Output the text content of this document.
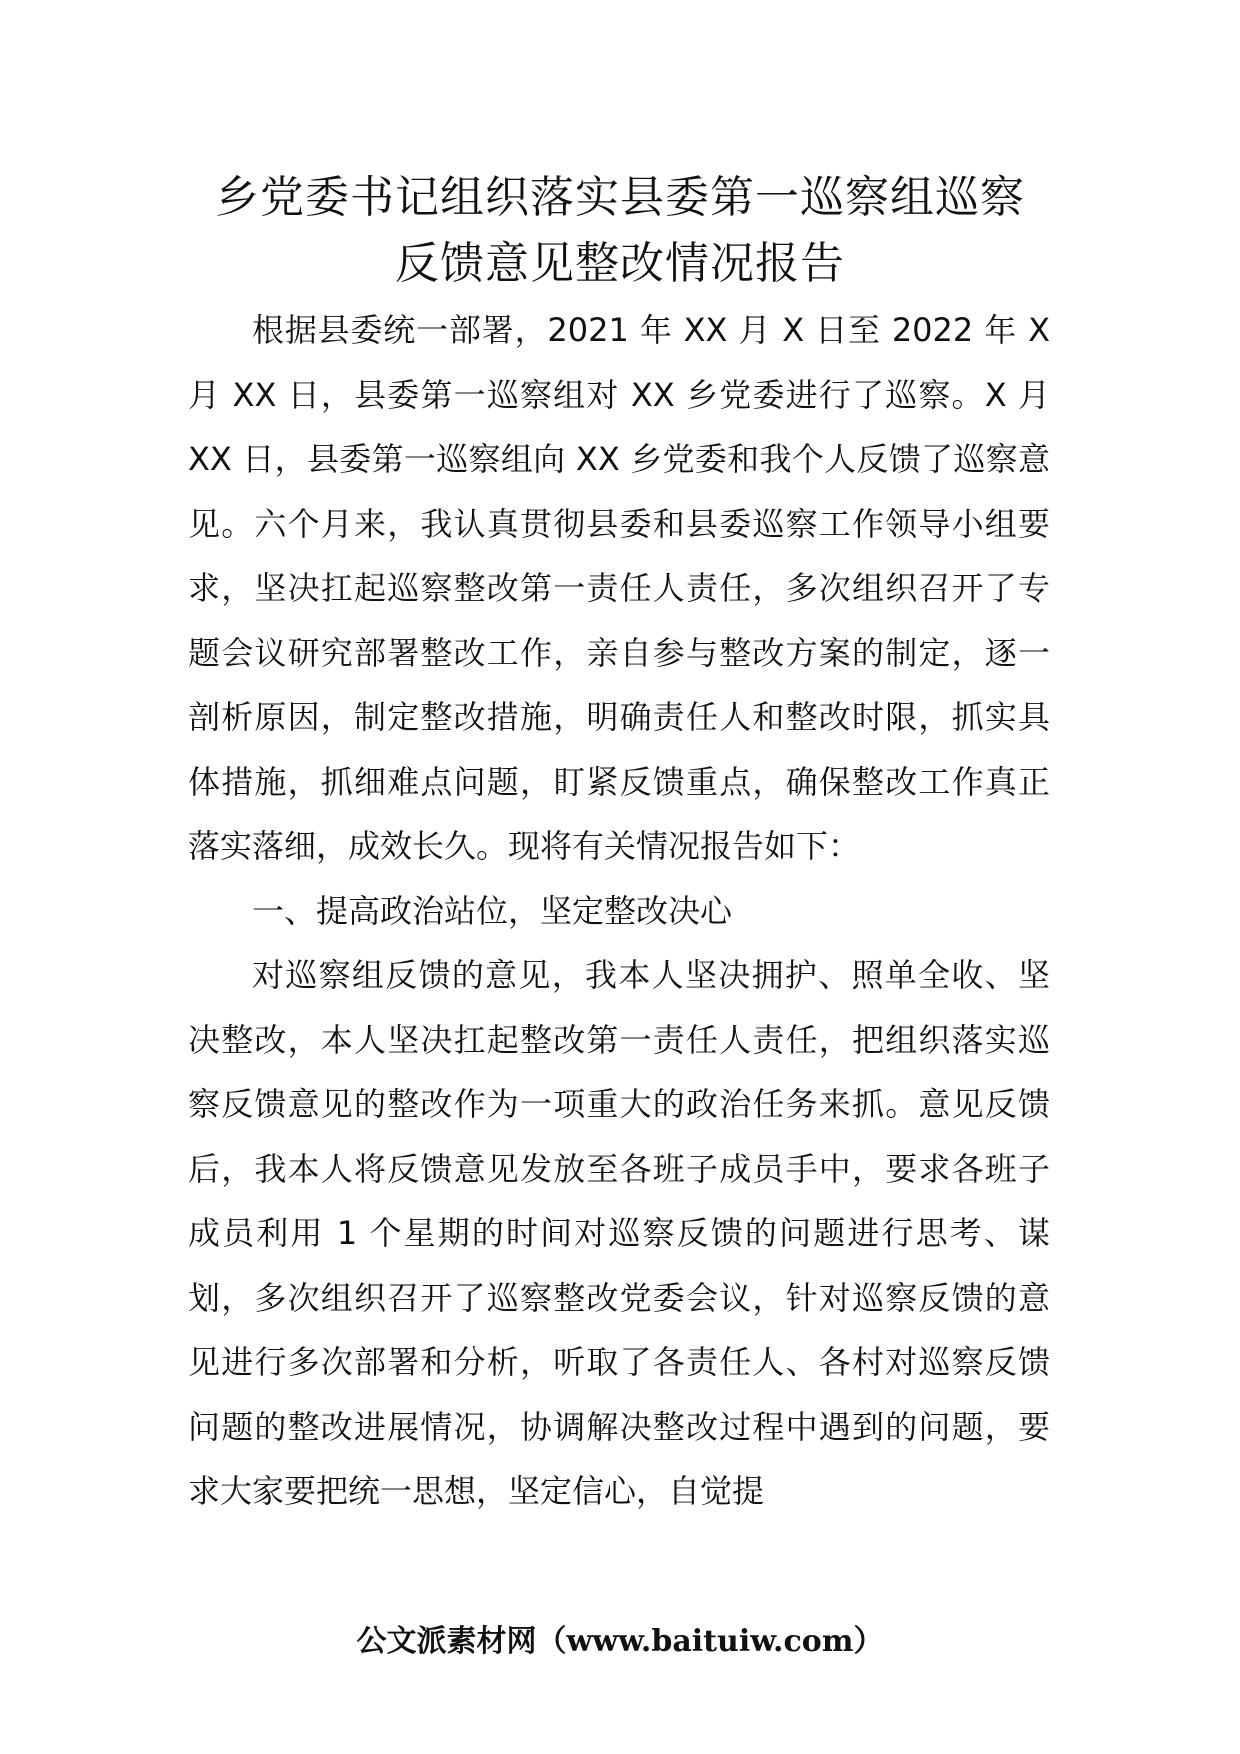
乡党委书记组织落实县委第一巡察组巡察
反馈意见整改情况报告

根据县委统一部署，2021 年 XX 月 X 日至 2022 年 X 月 XX 日，县委第一巡察组对 XX 乡党委进行了巡察。X 月 XX 日，县委第一巡察组向 XX 乡党委和我个人反馈了巡察意见。六个月来，我认真贯彻县委和县委巡察工作领导小组要求，坚决扛起巡察整改第一责任人责任，多次组织召开了专题会议研究部署整改工作，亲自参与整改方案的制定，逐一剖析原因，制定整改措施，明确责任人和整改时限，抓实具体措施，抓细难点问题，盯紧反馈重点，确保整改工作真正落实落细，成效长久。现将有关情况报告如下：

一、提高政治站位，坚定整改决心

对巡察组反馈的意见，我本人坚决拥护、照单全收、坚决整改，本人坚决扛起整改第一责任人责任，把组织落实巡察反馈意见的整改作为一项重大的政治任务来抓。意见反馈后，我本人将反馈意见发放至各班子成员手中，要求各班子成员利用 1 个星期的时间对巡察反馈的问题进行思考、谋划，多次组织召开了巡察整改党委会议，针对巡察反馈的意见进行多次部署和分析，听取了各责任人、各村对巡察反馈问题的整改进展情况，协调解决整改过程中遇到的问题，要求大家要把统一思想，坚定信心，自觉提

公文派素材网（www.baituiw.com）
